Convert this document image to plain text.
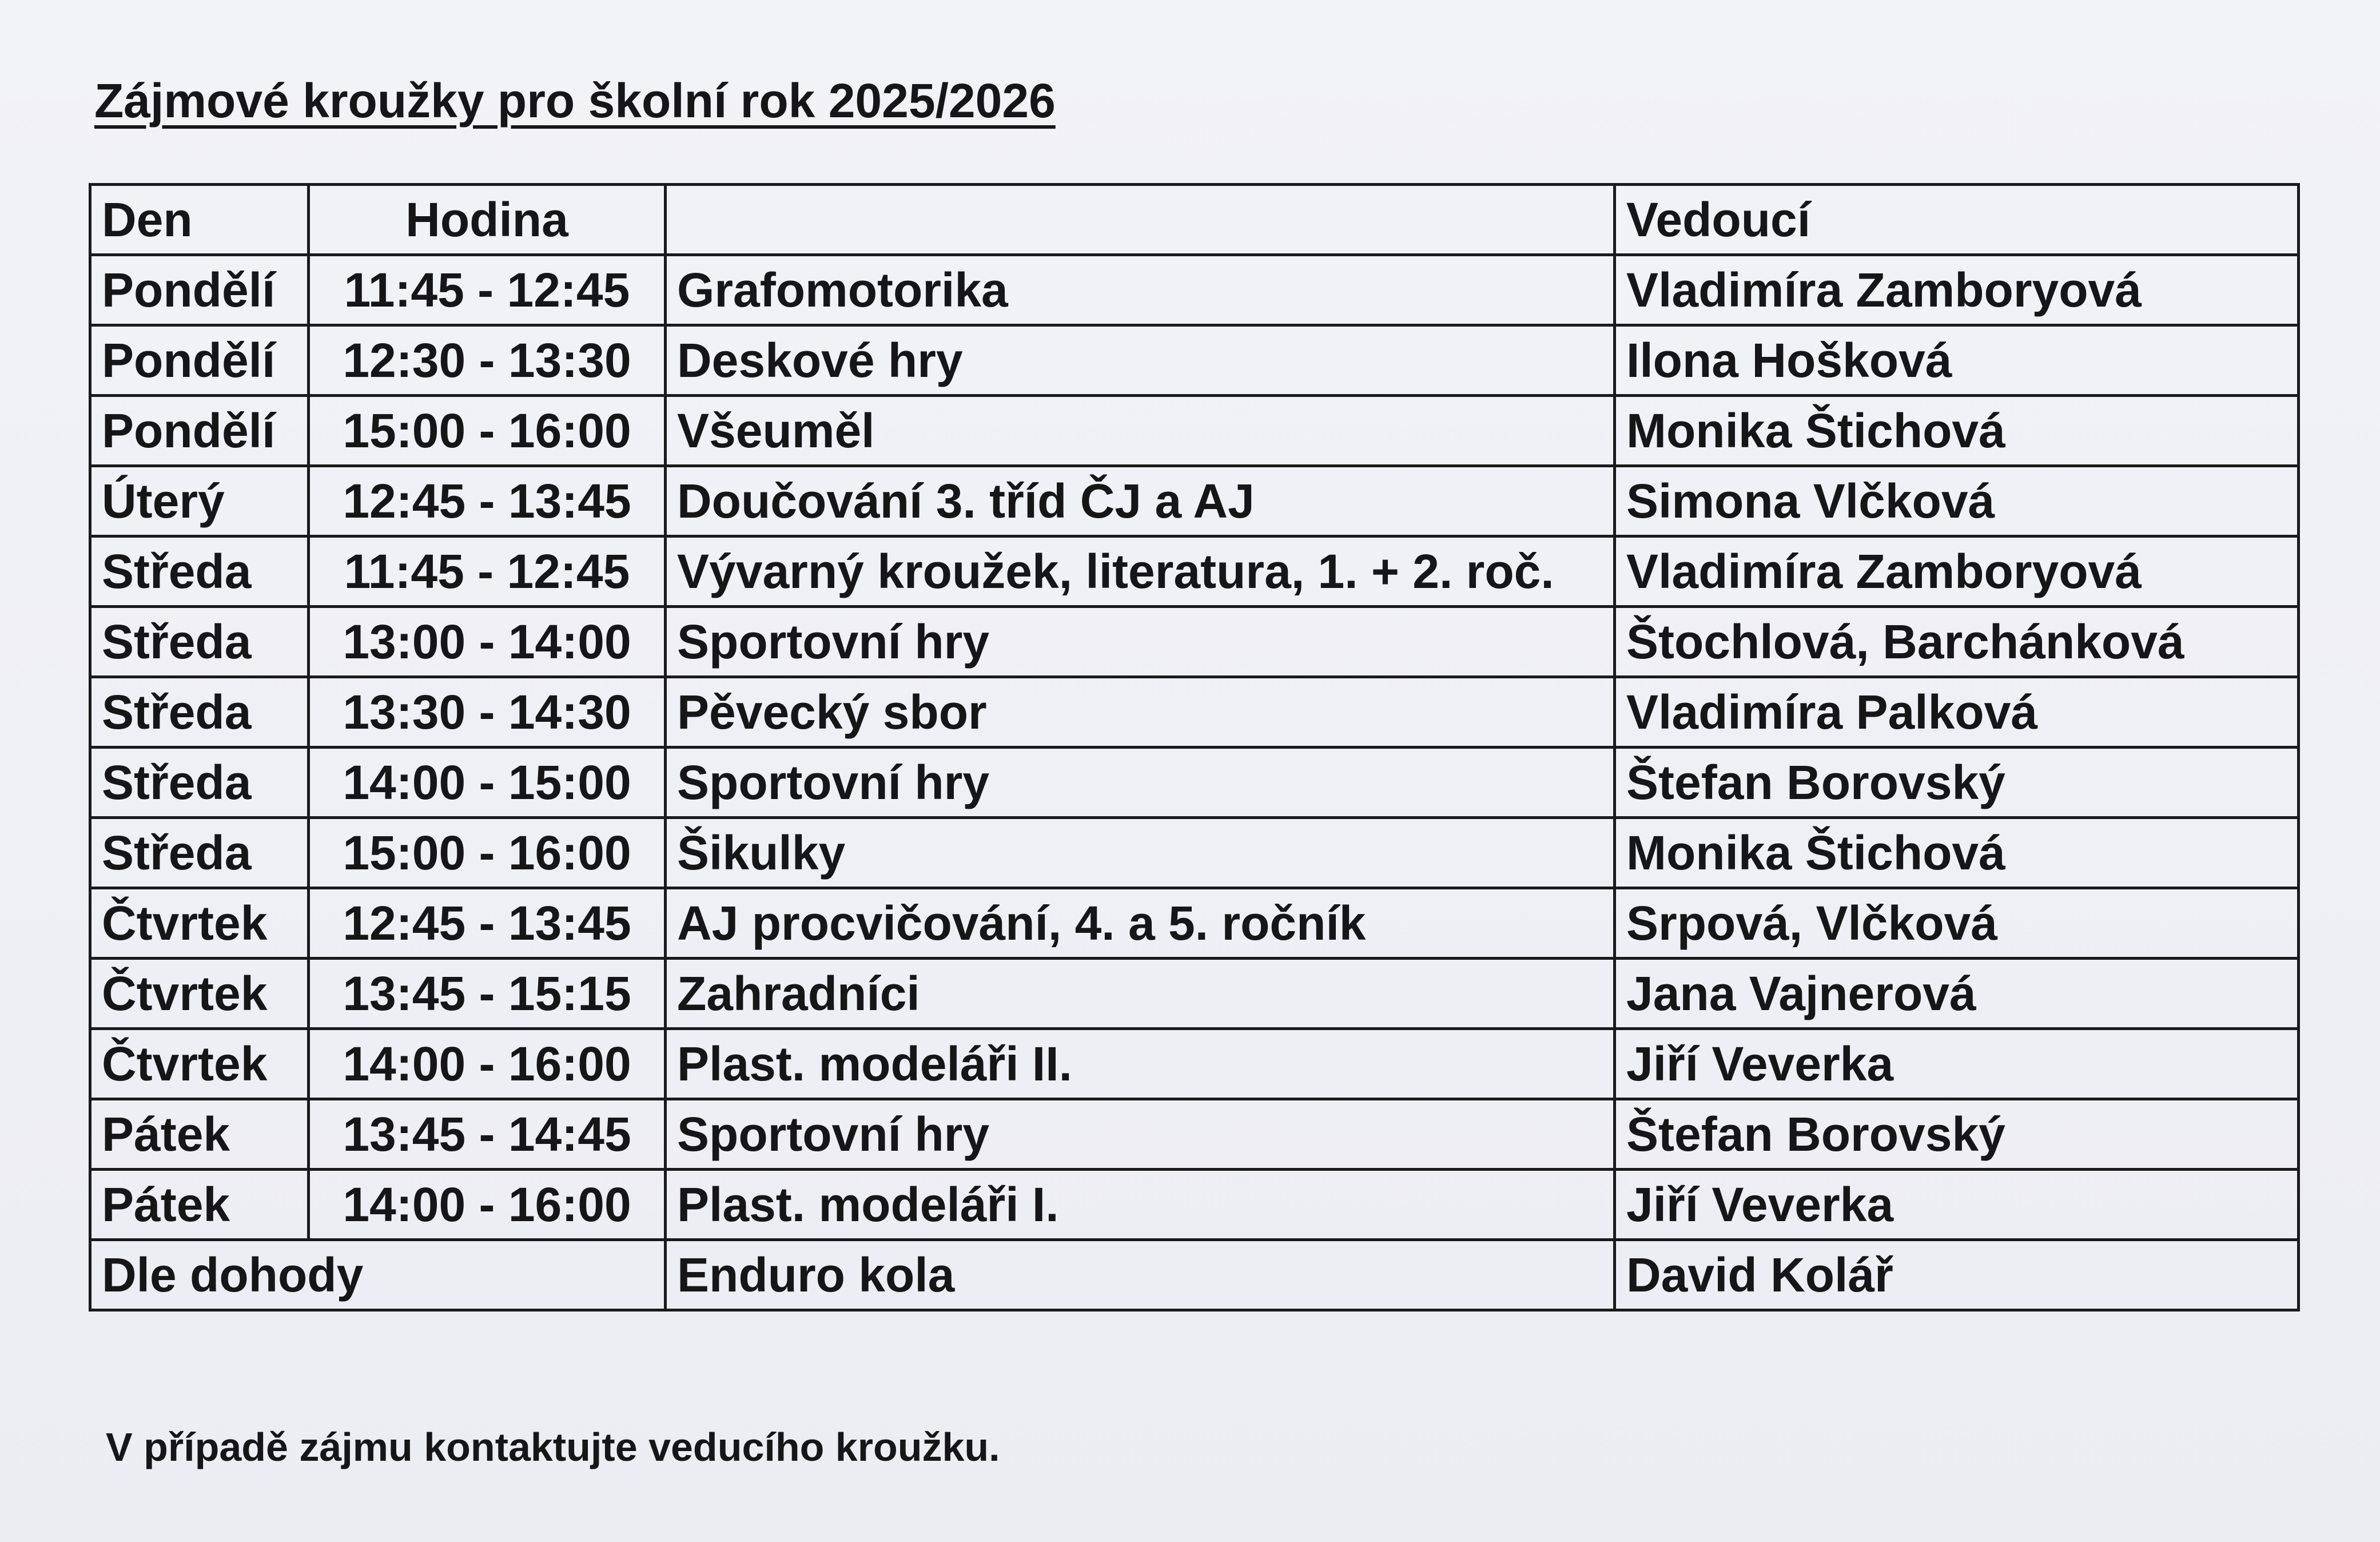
Zájmové kroužky pro školní rok 2025/2026
Den	Hodina		Vedoucí
Pondělí	11:45 - 12:45	Grafomotorika	Vladimíra Zamboryová
Pondělí	12:30 - 13:30	Deskové hry	Ilona Hošková
Pondělí	15:00 - 16:00	Všeuměl	Monika Štichová
Úterý	12:45 - 13:45	Doučování 3. tříd ČJ a AJ	Simona Vlčková
Středa	11:45 - 12:45	Vývarný kroužek, literatura, 1. + 2. roč.	Vladimíra Zamboryová
Středa	13:00 - 14:00	Sportovní hry	Štochlová, Barchánková
Středa	13:30 - 14:30	Pěvecký sbor	Vladimíra Palková
Středa	14:00 - 15:00	Sportovní hry	Štefan Borovský
Středa	15:00 - 16:00	Šikulky	Monika Štichová
Čtvrtek	12:45 - 13:45	AJ procvičování, 4. a 5. ročník	Srpová, Vlčková
Čtvrtek	13:45 - 15:15	Zahradníci	Jana Vajnerová
Čtvrtek	14:00 - 16:00	Plast. modeláři II.	Jiří Veverka
Pátek	13:45 - 14:45	Sportovní hry	Štefan Borovský
Pátek	14:00 - 16:00	Plast. modeláři I.	Jiří Veverka
Dle dohody		Enduro kola	David Kolář
V případě zájmu kontaktujte veducího kroužku.
